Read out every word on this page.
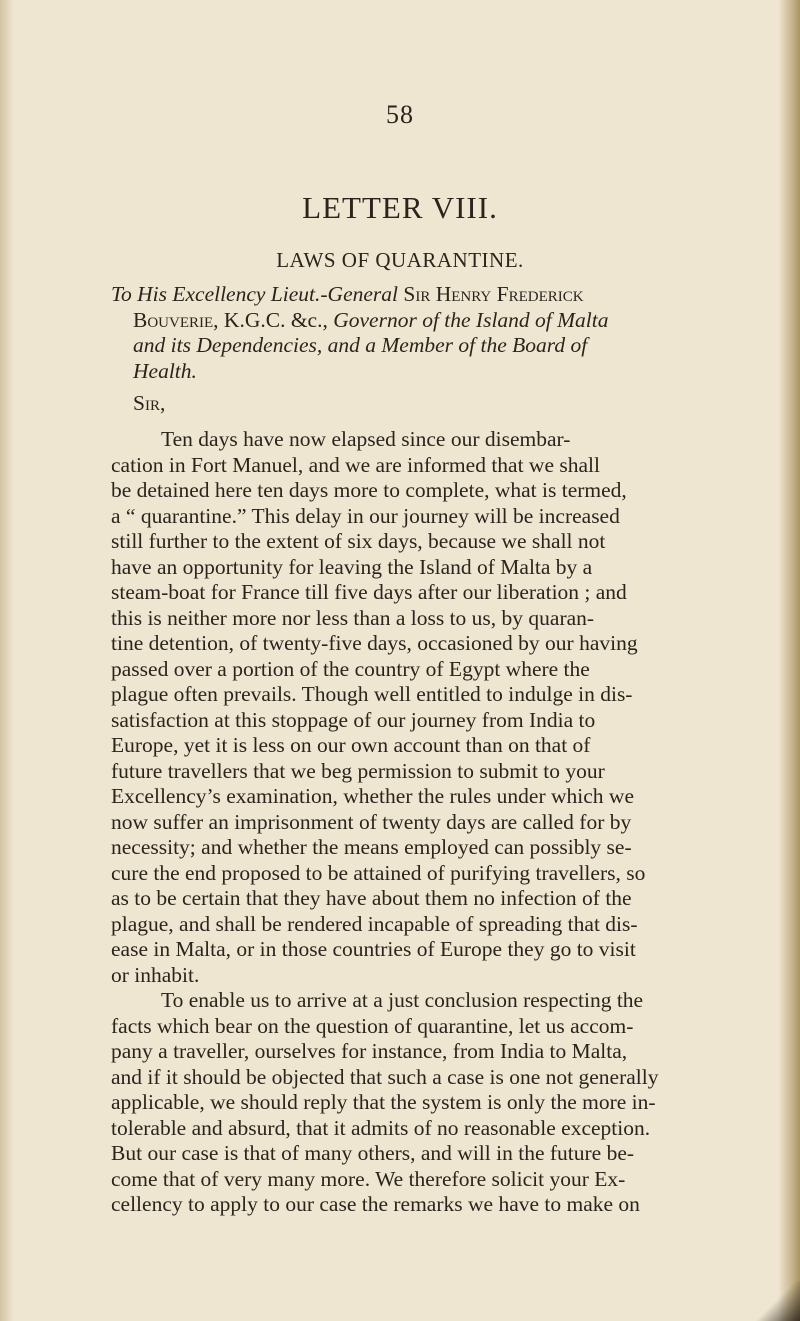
58
LETTER VIII.
LAWS OF QUARANTINE.
To His Excellency Lieut.-General Sir Henry Frederick
Bouverie, K.G.C. &c., Governor of the Island of Malta
and its Dependencies, and a Member of the Board of
Health.
Sir,
Ten days have now elapsed since our disembar-
cation in Fort Manuel, and we are informed that we shall
be detained here ten days more to complete, what is termed,
a “ quarantine.” This delay in our journey will be increased
still further to the extent of six days, because we shall not
have an opportunity for leaving the Island of Malta by a
steam-boat for France till five days after our liberation ; and
this is neither more nor less than a loss to us, by quaran-
tine detention, of twenty-five days, occasioned by our having
passed over a portion of the country of Egypt where the
plague often prevails. Though well entitled to indulge in dis-
satisfaction at this stoppage of our journey from India to
Europe, yet it is less on our own account than on that of
future travellers that we beg permission to submit to your
Excellency’s examination, whether the rules under which we
now suffer an imprisonment of twenty days are called for by
necessity; and whether the means employed can possibly se-
cure the end proposed to be attained of purifying travellers, so
as to be certain that they have about them no infection of the
plague, and shall be rendered incapable of spreading that dis-
ease in Malta, or in those countries of Europe they go to visit
or inhabit.
To enable us to arrive at a just conclusion respecting the
facts which bear on the question of quarantine, let us accom-
pany a traveller, ourselves for instance, from India to Malta,
and if it should be objected that such a case is one not generally
applicable, we should reply that the system is only the more in-
tolerable and absurd, that it admits of no reasonable exception.
But our case is that of many others, and will in the future be-
come that of very many more. We therefore solicit your Ex-
cellency to apply to our case the remarks we have to make on
